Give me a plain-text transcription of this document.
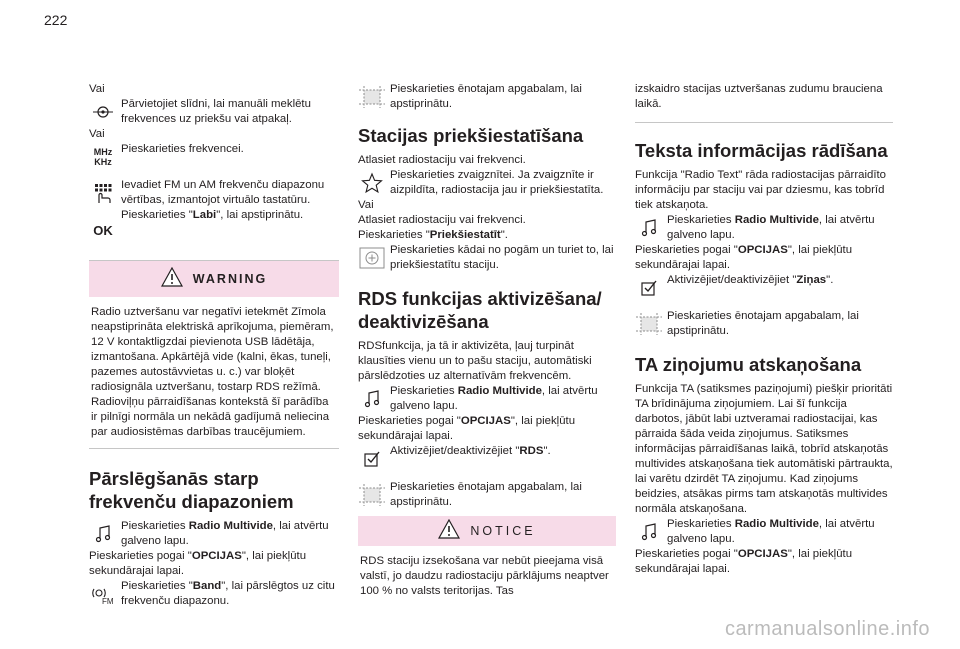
222

Vai

Pārvietojiet slīdni, lai manuāli meklētu frekvences uz priekšu vai atpakaļ.

Vai

MHz
KHz
Pieskarieties frekvencei.
Ievadiet FM un AM frekvenču diapazonu vērtības, izmantojot virtuālo tastatūru.
OK
Pieskarieties "Labi", lai apstiprinātu.
WARNING
Radio uztveršanu var negatīvi ietekmēt Zīmola neapstiprināta elektriskā aprīkojuma, piemēram, 12 V kontaktligzdai pievienota USB lādētāja, izmantošana. Apkārtējā vide (kalni, ēkas, tuneļi, pazemes autostāvvietas u. c.) var bloķēt radiosignāla uztveršanu, tostarp RDS režīmā. Radioviļņu pārraidīšanas kontekstā šī parādība ir pilnīgi normāla un nekādā gadījumā neliecina par audiosistēmas darbības traucējumiem.
Pārslēgšanās starp frekvenču diapazoniem
Pieskarieties Radio Multivide, lai atvērtu galveno lapu.

Pieskarieties pogai "OPCIJAS", lai piekļūtu sekundārajai lapai.

FM
Pieskarieties "Band", lai pārslēgtos uz citu frekvenču diapazonu.
Pieskarieties ēnotajam apgabalam, lai apstiprinātu.
Stacijas priekšiestatīšana

Atlasiet radiostaciju vai frekvenci.

Pieskarieties zvaigznītei. Ja zvaigznīte ir aizpildīta, radiostacija jau ir priekšiestatīta.

Vai

Atlasiet radiostaciju vai frekvenci.

Pieskarieties "Priekšiestatīt".

Pieskarieties kādai no pogām un turiet to, lai priekšiestatītu staciju.
RDS funkcijas aktivizēšana/ deaktivizēšana

RDSfunkcija, ja tā ir aktivizēta, ļauj turpināt klausīties vienu un to pašu staciju, automātiski pārslēdzoties uz alternatīvām frekvencēm.

Pieskarieties Radio Multivide, lai atvērtu galveno lapu.

Pieskarieties pogai "OPCIJAS", lai piekļūtu sekundārajai lapai.

Aktivizējiet/deaktivizējiet "RDS".
Pieskarieties ēnotajam apgabalam, lai apstiprinātu.
NOTICE
RDS staciju izsekošana var nebūt pieejama visā valstī, jo daudzu radiostaciju pārklājums neaptver 100 % no valsts teritorijas. Tas
izskaidro stacijas uztveršanas zudumu brauciena laikā.
Teksta informācijas rādīšana

Funkcija "Radio Text" rāda radiostacijas pārraidīto informāciju par staciju vai par dziesmu, kas tobrīd tiek atskaņota.

Pieskarieties Radio Multivide, lai atvērtu galveno lapu.

Pieskarieties pogai "OPCIJAS", lai piekļūtu sekundārajai lapai.

Aktivizējiet/deaktivizējiet "Ziņas".
Pieskarieties ēnotajam apgabalam, lai apstiprinātu.
TA ziņojumu atskaņošana

Funkcija TA (satiksmes paziņojumi) piešķir prioritāti TA brīdinājuma ziņojumiem. Lai šī funkcija darbotos, jābūt labi uztveramai radiostacijai, kas pārraida šāda veida ziņojumus. Satiksmes informācijas pārraidīšanas laikā, tobrīd atskaņotās multivides atskaņošana tiek automātiski pārtraukta, lai varētu dzirdēt TA ziņojumu. Kad ziņojums beidzies, atsākas pirms tam atskaņotās multivides normāla atskaņošana.

Pieskarieties Radio Multivide, lai atvērtu galveno lapu.

Pieskarieties pogai "OPCIJAS", lai piekļūtu sekundārajai lapai.

carmanualsonline.info
